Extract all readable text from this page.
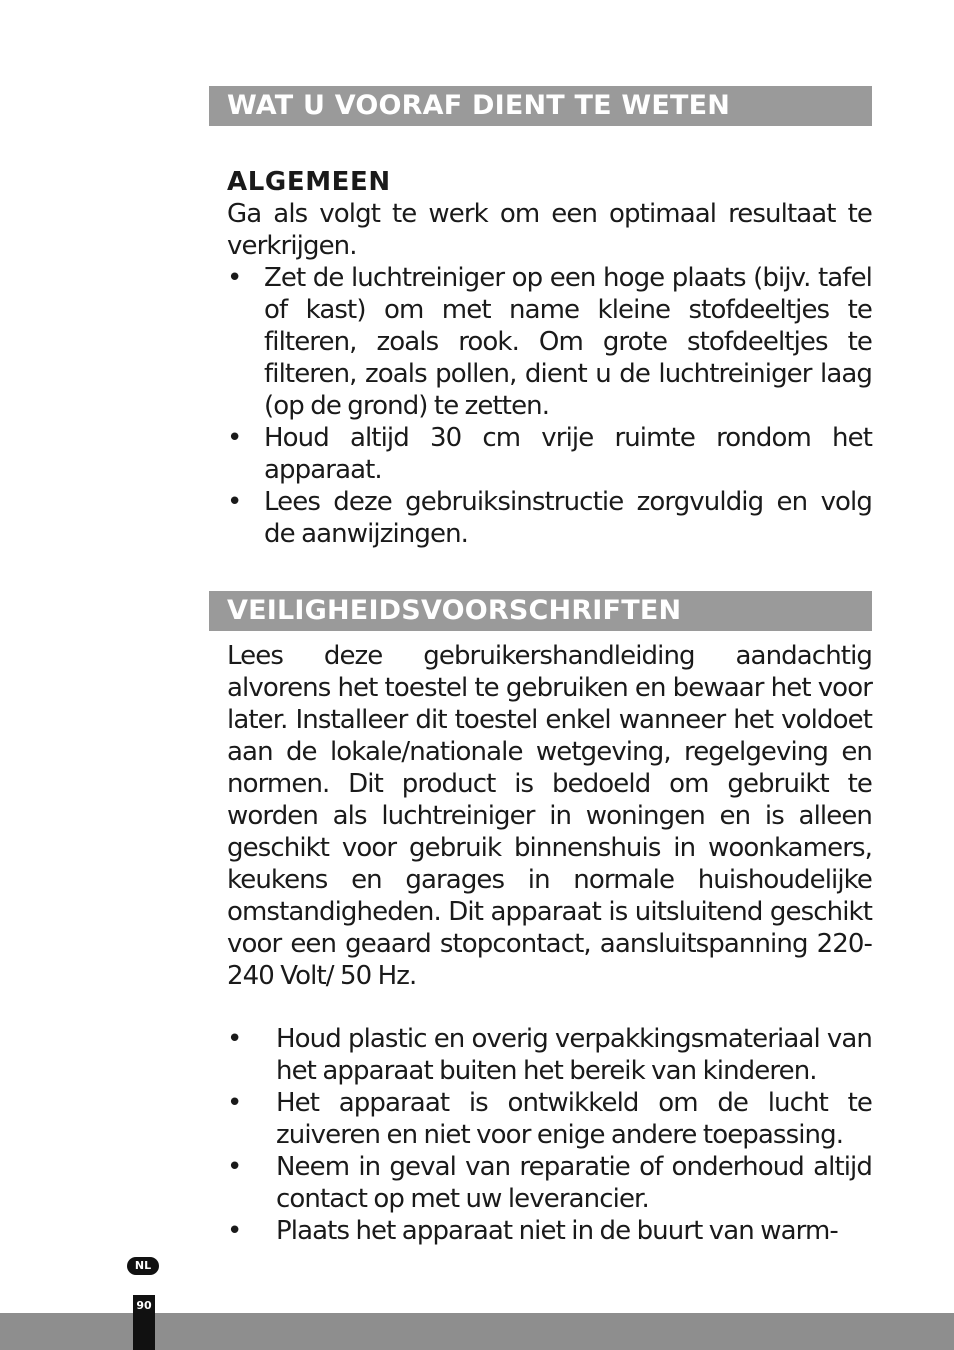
WAT U VOORAF DIENT TE WETEN
ALGEMEEN
Ga als volgt te werk om een optimaal resultaat te verkrijgen.
• Zet de luchtreiniger op een hoge plaats (bijv. tafel of kast) om met name kleine stofdeeltjes te filteren, zoals rook. Om grote stofdeeltjes te filteren, zoals pollen, dient u de luchtreiniger laag (op de grond) te zetten.
• Houd altijd 30 cm vrije ruimte rondom het apparaat.
• Lees deze gebruiksinstructie zorgvuldig en volg de aanwijzingen.
VEILIGHEIDSVOORSCHRIFTEN
Lees deze gebruikershandleiding aandachtig alvorens het toestel te gebruiken en bewaar het voor later. Installeer dit toestel enkel wanneer het voldoet aan de lokale/nationale wetgeving, regelgeving en normen. Dit product is bedoeld om gebruikt te worden als luchtreiniger in woningen en is alleen geschikt voor gebruik binnenshuis in woonkamers, keukens en garages in normale huishoudelijke omstandigheden. Dit apparaat is uitsluitend geschikt voor een geaard stopcontact, aansluitspanning 220-240 Volt/ 50 Hz.
• Houd plastic en overig verpakkingsmateriaal van het apparaat buiten het bereik van kinderen.
• Het apparaat is ontwikkeld om de lucht te zuiveren en niet voor enige andere toepassing.
• Neem in geval van reparatie of onderhoud altijd contact op met uw leverancier.
• Plaats het apparaat niet in de buurt van warm-
NL
90
